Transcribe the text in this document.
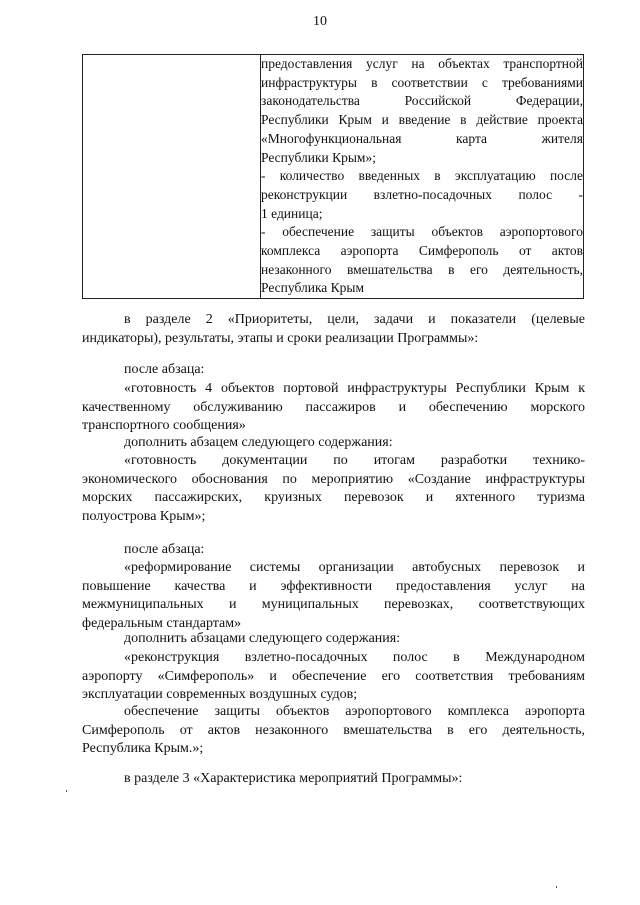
10

предоставления услуг на объектах транспортной
инфраструктуры в соответствии с требованиями
законодательства Российской Федерации,
Республики Крым и введение в действие проекта
«Многофункциональная карта жителя
Республики Крым»;
- количество введенных в эксплуатацию после
реконструкции взлетно-посадочных полос -
1 единица;
- обеспечение защиты объектов аэропортового
комплекса аэропорта Симферополь от актов
незаконного вмешательства в его деятельность,
Республика Крым
в разделе 2 «Приоритеты, цели, задачи и показатели (целевые
индикаторы), результаты, этапы и сроки реализации Программы»:
после абзаца:
«готовность 4 объектов портовой инфраструктуры Республики Крым к
качественному обслуживанию пассажиров и обеспечению морского
транспортного сообщения»
дополнить абзацем следующего содержания:
«готовность документации по итогам разработки технико-
экономического обоснования по мероприятию «Создание инфраструктуры
морских пассажирских, круизных перевозок и яхтенного туризма
полуострова Крым»;
после абзаца:
«реформирование системы организации автобусных перевозок и
повышение качества и эффективности предоставления услуг на
межмуниципальных и муниципальных перевозках, соответствующих
федеральным стандартам»
дополнить абзацами следующего содержания:
«реконструкция взлетно-посадочных полос в Международном
аэропорту «Симферополь» и обеспечение его соответствия требованиям
эксплуатации современных воздушных судов;
обеспечение защиты объектов аэропортового комплекса аэропорта
Симферополь от актов незаконного вмешательства в его деятельность,
Республика Крым.»;
в разделе 3 «Характеристика мероприятий Программы»:
